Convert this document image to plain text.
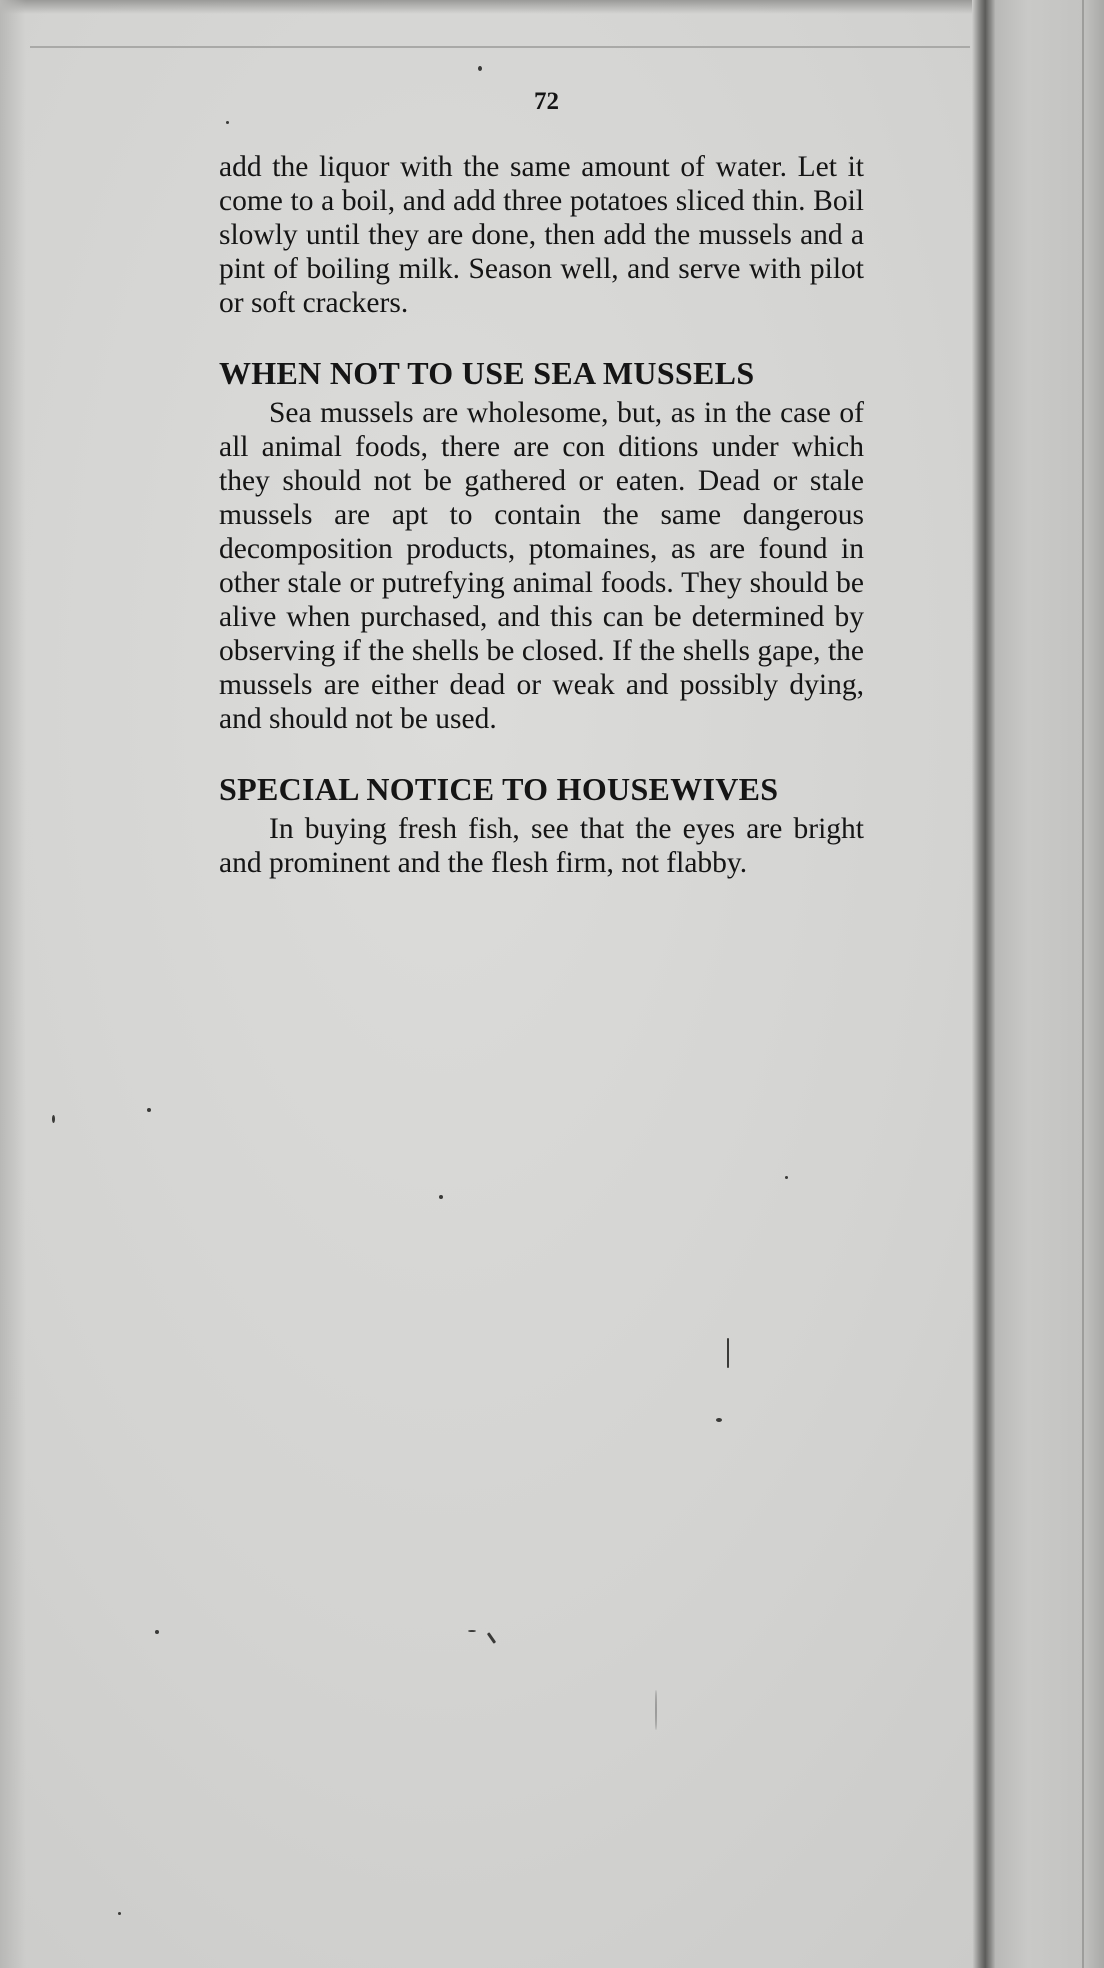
72

add the liquor with the same amount of water. Let it come to a boil, and add three potatoes sliced thin. Boil slowly until they are done, then add the mussels and a pint of boiling milk. Season well, and serve with pilot or soft crackers.

WHEN NOT TO USE SEA MUSSELS

Sea mussels are wholesome, but, as in the case of all animal foods, there are con ditions under which they should not be gathered or eaten. Dead or stale mussels are apt to contain the same dangerous decomposition products, ptomaines, as are found in other stale or putrefying animal foods. They should be alive when purchased, and this can be determined by observing if the shells be closed. If the shells gape, the mussels are either dead or weak and possibly dying, and should not be used.

SPECIAL NOTICE TO HOUSEWIVES

In buying fresh fish, see that the eyes are bright and prominent and the flesh firm, not flabby.
